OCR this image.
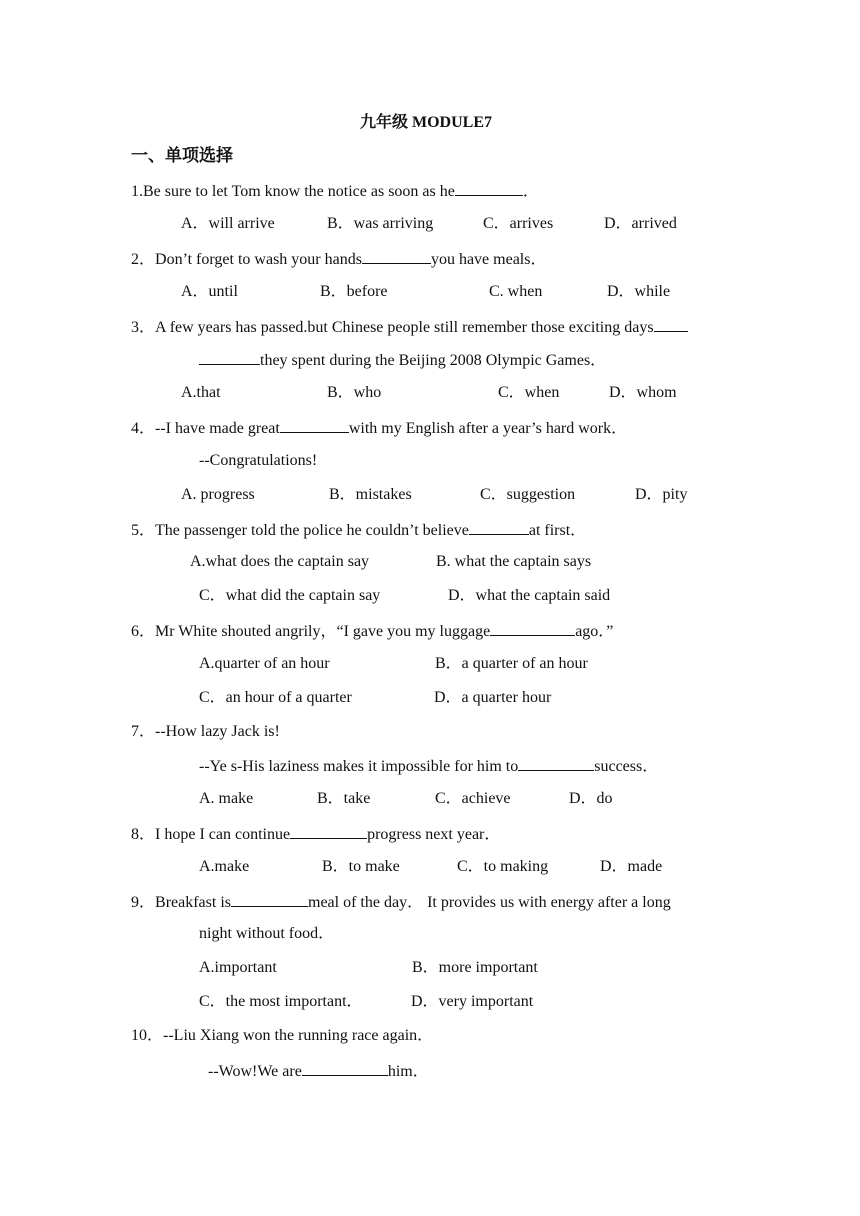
九年级 MODULE7
一、单项选择
1.Be sure to let Tom know the notice as soon as he	．
A．will arrive	B．was arriving	C．arrives	D．arrived
2．Don’t forget to wash your hands	you have meals．
A．until	B．before	C. when	D．while
3．A few years has passed.but Chinese people still remember those exciting days
they spent during the Beijing 2008 Olympic Games．
A.that	B．who	C．when	D．whom
4．--I have made great	with my English after a year’s hard work．
--Congratulations!
A. progress	B．mistakes	C．suggestion	D．pity
5．The passenger told the police he couldn’t believe	at first．
A.what does the captain say	B. what the captain says
C．what did the captain say	D．what the captain said
6．Mr White shouted angrily，“I gave you my luggage	ago．”
A.quarter of an hour	B．a quarter of an hour
C．an hour of a quarter	D．a quarter hour
7．--How lazy Jack is!
--Ye s-His laziness makes it impossible for him to	success．
A. make	B．take	C．achieve	D．do
8．I hope I can continue	progress next year．
A.make	B．to make	C．to making	D．made
9．Breakfast is	meal of the day． It provides us with energy after a long
night without food．
A.important	B．more important
C．the most important．	D．very important
10．--Liu Xiang won the running race again．
--Wow!We are	him．
